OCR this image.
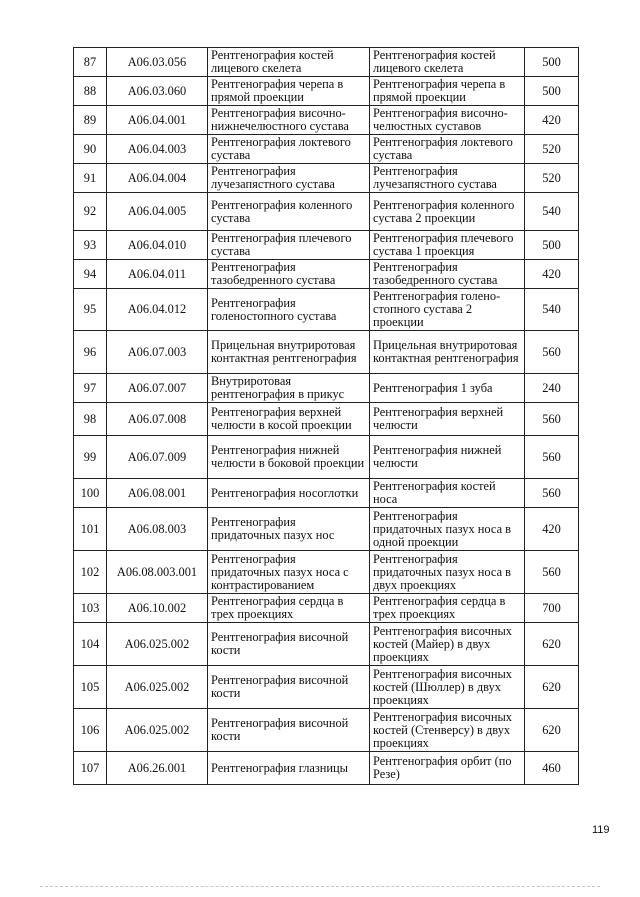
87	A06.03.056	Рентгенография костей лицевого скелета	Рентгенография костей лицевого скелета	500
88	A06.03.060	Рентгенография черепа в прямой проекции	Рентгенография черепа в прямой проекции	500
89	A06.04.001	Рентгенография височно-нижнечелюстного сустава	Рентгенография височно-челюстных суставов	420
90	A06.04.003	Рентгенография локтевого сустава	Рентгенография локтевого сустава	520
91	A06.04.004	Рентгенография лучезапястного сустава	Рентгенография лучезапястного сустава	520
92	A06.04.005	Рентгенография коленного сустава	Рентгенография коленного сустава 2 проекции	540
93	A06.04.010	Рентгенография плечевого сустава	Рентгенография плечевого сустава 1 проекция	500
94	A06.04.011	Рентгенография тазобедренного сустава	Рентгенография тазобедренного сустава	420
95	A06.04.012	Рентгенография голеностопного сустава	Рентгенография голено-стопного сустава 2 проекции	540
96	A06.07.003	Прицельная внутриротовая контактная рентгенография	Прицельная внутриротовая контактная рентгенография	560
97	A06.07.007	Внутриротовая рентгенография в прикус	Рентгенография 1 зуба	240
98	A06.07.008	Рентгенография верхней челюсти в косой проекции	Рентгенография верхней челюсти	560
99	A06.07.009	Рентгенография нижней челюсти в боковой проекции	Рентгенография нижней челюсти	560
100	A06.08.001	Рентгенография носоглотки	Рентгенография костей носа	560
101	A06.08.003	Рентгенография придаточных пазух нос	Рентгенография придаточных пазух носа в одной проекции	420
102	A06.08.003.001	Рентгенография придаточных пазух носа с контрастированием	Рентгенография придаточных пазух носа в двух проекциях	560
103	A06.10.002	Рентгенография сердца в трех проекциях	Рентгенография сердца в трех проекциях	700
104	A06.025.002	Рентгенография височной кости	Рентгенография височных костей (Майер) в двух проекциях	620
105	A06.025.002	Рентгенография височной кости	Рентгенография височных костей (Шюллер) в двух проекциях	620
106	A06.025.002	Рентгенография височной кости	Рентгенография височных костей (Стенверсу) в двух проекциях	620
107	A06.26.001	Рентгенография глазницы	Рентгенография орбит (по Резе)	460
119
